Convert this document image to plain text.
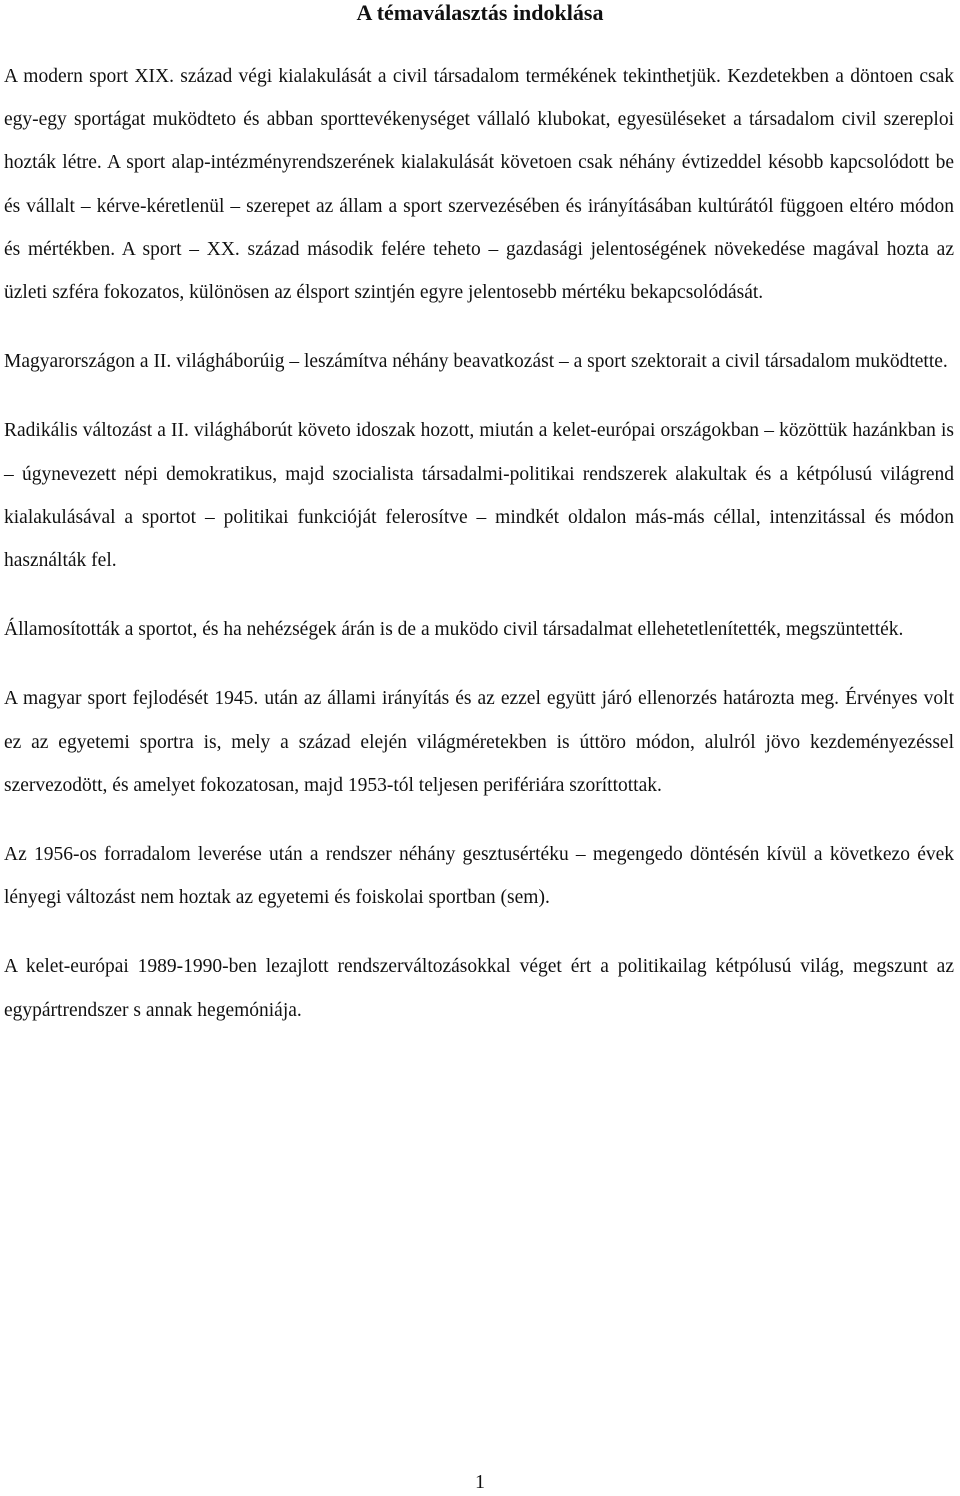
A témaválasztás indoklása

A modern sport XIX. század végi kialakulását a civil társadalom termékének tekinthetjük. Kezdetekben a döntoen csak egy-egy sportágat muködteto és abban sporttevékenységet vállaló klubokat, egyesüléseket a társadalom civil szereploi hozták létre. A sport alap-intézményrendszerének kialakulását követoen csak néhány évtizeddel késobb kapcsolódott be és vállalt – kérve-kéretlenül – szerepet az állam a sport szervezésében és irányításában kultúrától függoen eltéro módon és mértékben. A sport – XX. század második felére teheto – gazdasági jelentoségének növekedése magával hozta az üzleti szféra fokozatos, különösen az élsport szintjén egyre jelentosebb mértéku bekapcsolódását.

Magyarországon a II. világháborúig – leszámítva néhány beavatkozást – a sport szektorait a civil társadalom muködtette.

Radikális változást a II. világháborút követo idoszak hozott, miután a kelet-európai országokban – közöttük hazánkban is – úgynevezett népi demokratikus, majd szocialista társadalmi-politikai rendszerek alakultak és a kétpólusú világrend kialakulásával a sportot – politikai funkcióját felerosítve – mindkét oldalon más-más céllal, intenzitással és módon használták fel.

Államosították a sportot, és ha nehézségek árán is de a muködo civil társadalmat ellehetetlenítették, megszüntették.

A magyar sport fejlodését 1945. után az állami irányítás és az ezzel együtt járó ellenorzés határozta meg. Érvényes volt ez az egyetemi sportra is, mely a század elején világméretekben is úttöro módon, alulról jövo kezdeményezéssel szervezodött, és amelyet fokozatosan, majd 1953-tól teljesen perifériára szoríttottak.

Az 1956-os forradalom leverése után a rendszer néhány gesztusértéku – megengedo döntésén kívül a következo évek lényegi változást nem hoztak az egyetemi és foiskolai sportban (sem).

A kelet-európai 1989-1990-ben lezajlott rendszerváltozásokkal véget ért a politikailag kétpólusú világ, megszunt az egypártrendszer s annak hegemóniája.

1
